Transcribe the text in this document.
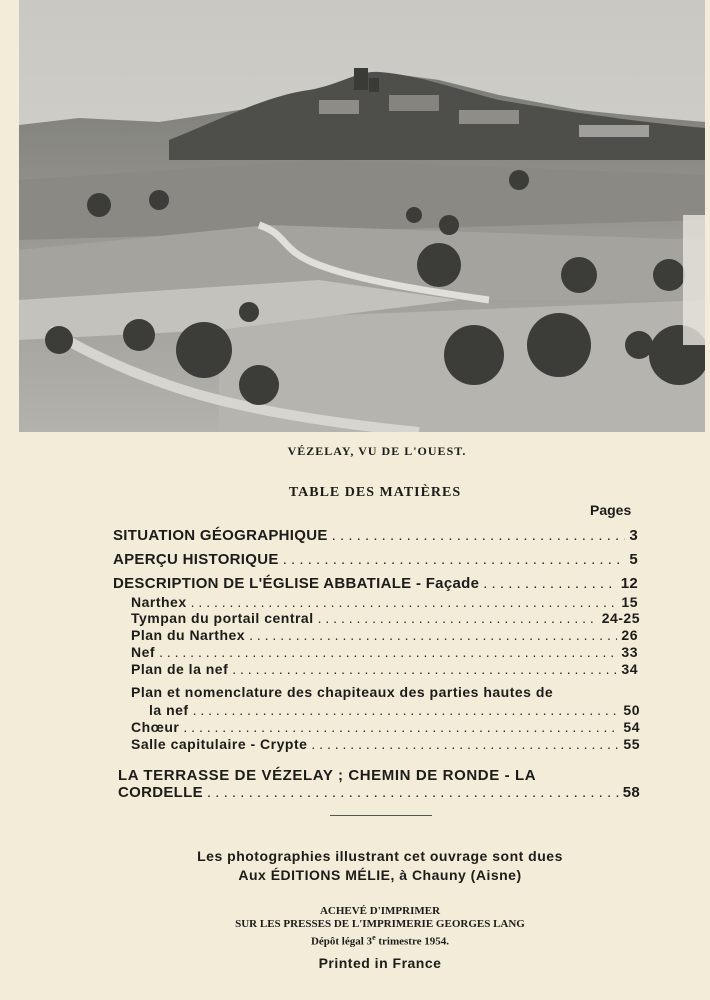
VÉZELAY, VU DE L'OUEST.
TABLE DES MATIÈRES
Pages
SITUATION GÉOGRAPHIQUE . . .	3
APERÇU HISTORIQUE . . .	5
DESCRIPTION DE L'ÉGLISE ABBATIALE - Façade . . .	12
Narthex . . .	15
Tympan du portail central . . .	24-25
Plan du Narthex . . .	26
Nef . . .	33
Plan de la nef . . .	34
Plan et nomenclature des chapiteaux des parties hautes de
la nef . . .	50
Chœur . . .	54
Salle capitulaire - Crypte . . .	55
LA TERRASSE DE VÉZELAY ; CHEMIN DE RONDE - LA
CORDELLE . . .	58
Les photographies illustrant cet ouvrage sont dues
Aux ÉDITIONS MÉLIE, à Chauny (Aisne)
ACHEVÉ D'IMPRIMER
SUR LES PRESSES DE L'IMPRIMERIE GEORGES LANG
Dépôt légal 3e trimestre 1954.
Printed in France
